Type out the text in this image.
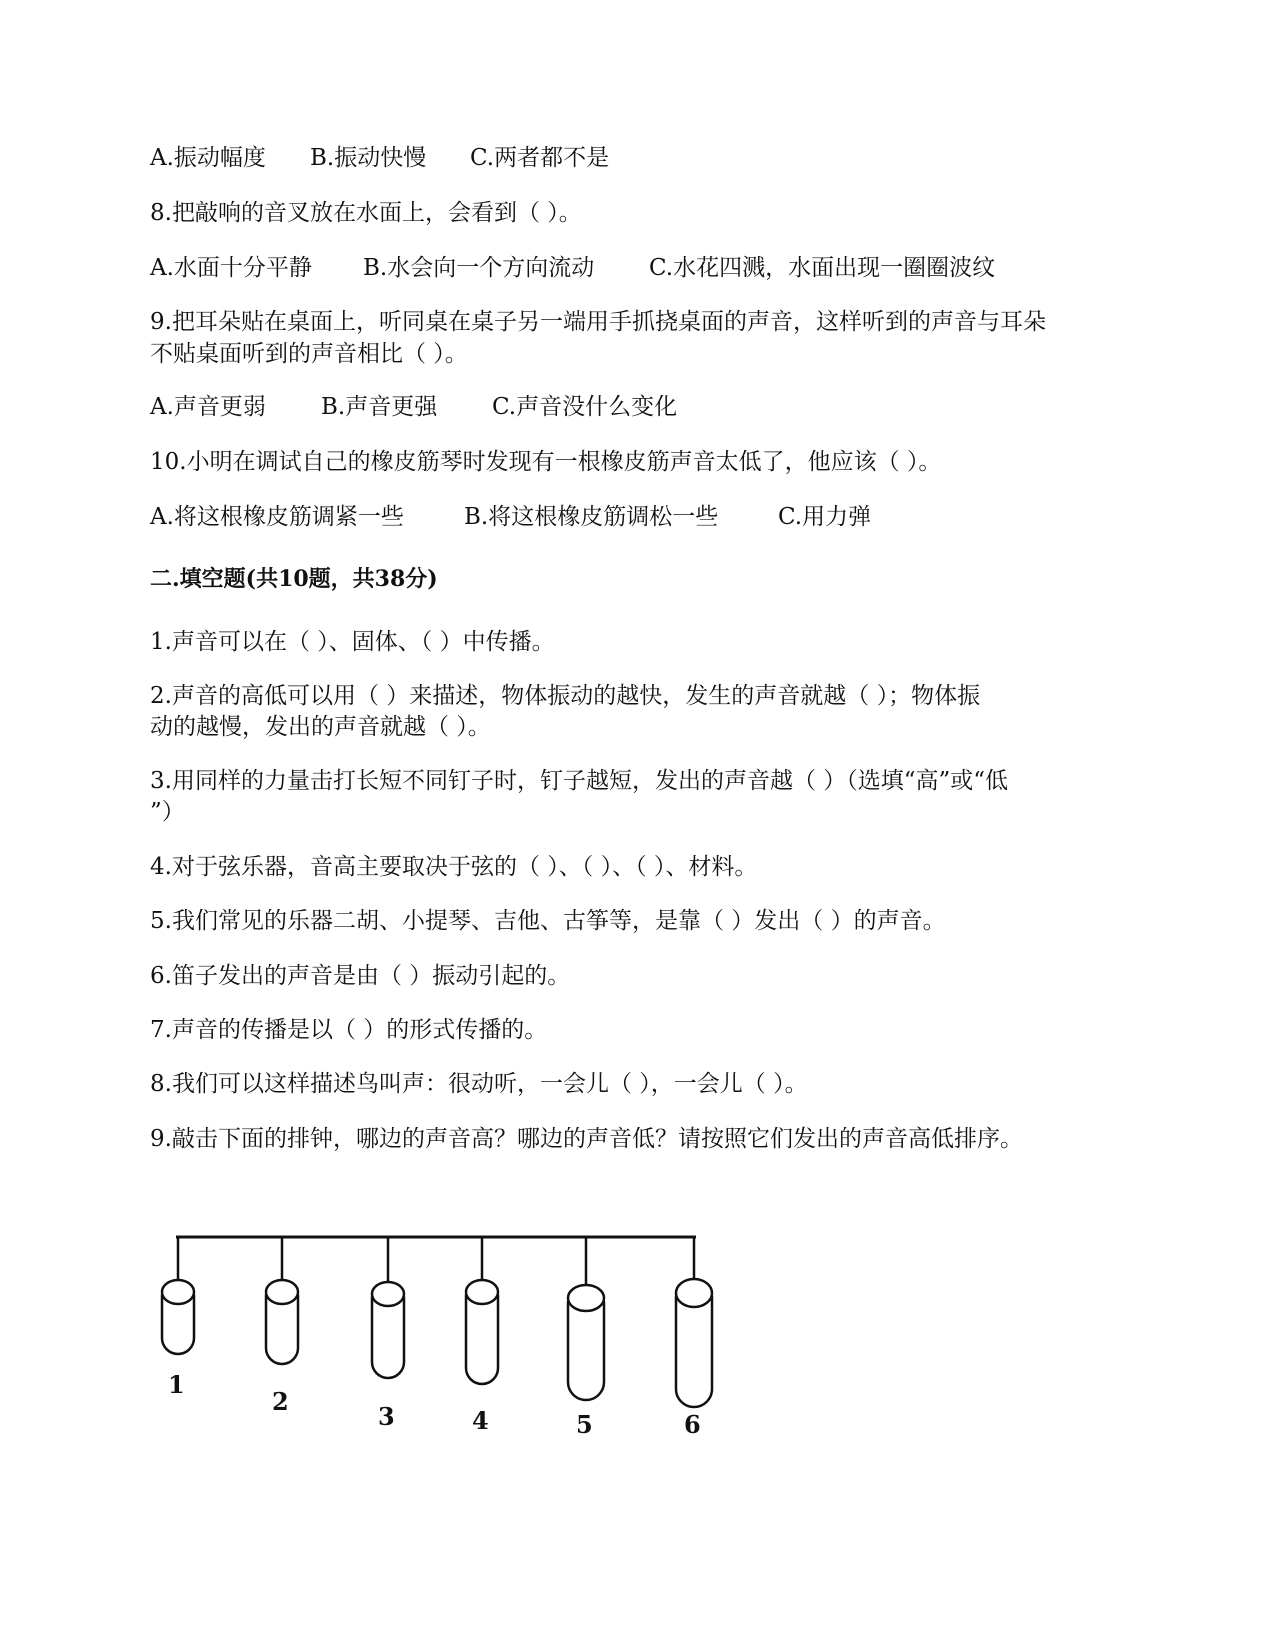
A.振动幅度 B.振动快慢 C.两者都不是
8.把敲响的音叉放在水面上，会看到（ ）。
A.水面十分平静 B.水会向一个方向流动 C.水花四溅，水面出现一圈圈波纹
9.把耳朵贴在桌面上，听同桌在桌子另一端用手抓挠桌面的声音，这样听到的声音与耳朵
不贴桌面听到的声音相比（ ）。
A.声音更弱 B.声音更强 C.声音没什么变化
10.小明在调试自己的橡皮筋琴时发现有一根橡皮筋声音太低了，他应该（ ）。
A.将这根橡皮筋调紧一些	B.将这根橡皮筋调松一些	C.用力弹
二.填空题(共10题，共38分)
1.声音可以在（ ）、固体、（ ）中传播。
2.声音的高低可以用（ ）来描述，物体振动的越快，发生的声音就越（ ）；物体振
动的越慢，发出的声音就越（ ）。
3.用同样的力量击打长短不同钉子时，钉子越短，发出的声音越（ ）（选填“高”或“低
”）
4.对于弦乐器，音高主要取决于弦的（ ）、（ ）、（ ）、材料。
5.我们常见的乐器二胡、小提琴、吉他、古筝等，是靠（ ）发出（ ）的声音。
6.笛子发出的声音是由（ ）振动引起的。
7.声音的传播是以（ ）的形式传播的。
8.我们可以这样描述鸟叫声：很动听，一会儿（ ），一会儿（ ）。
9.敲击下面的排钟，哪边的声音高？哪边的声音低？请按照它们发出的声音高低排序。
1
2
3	4	5	6
